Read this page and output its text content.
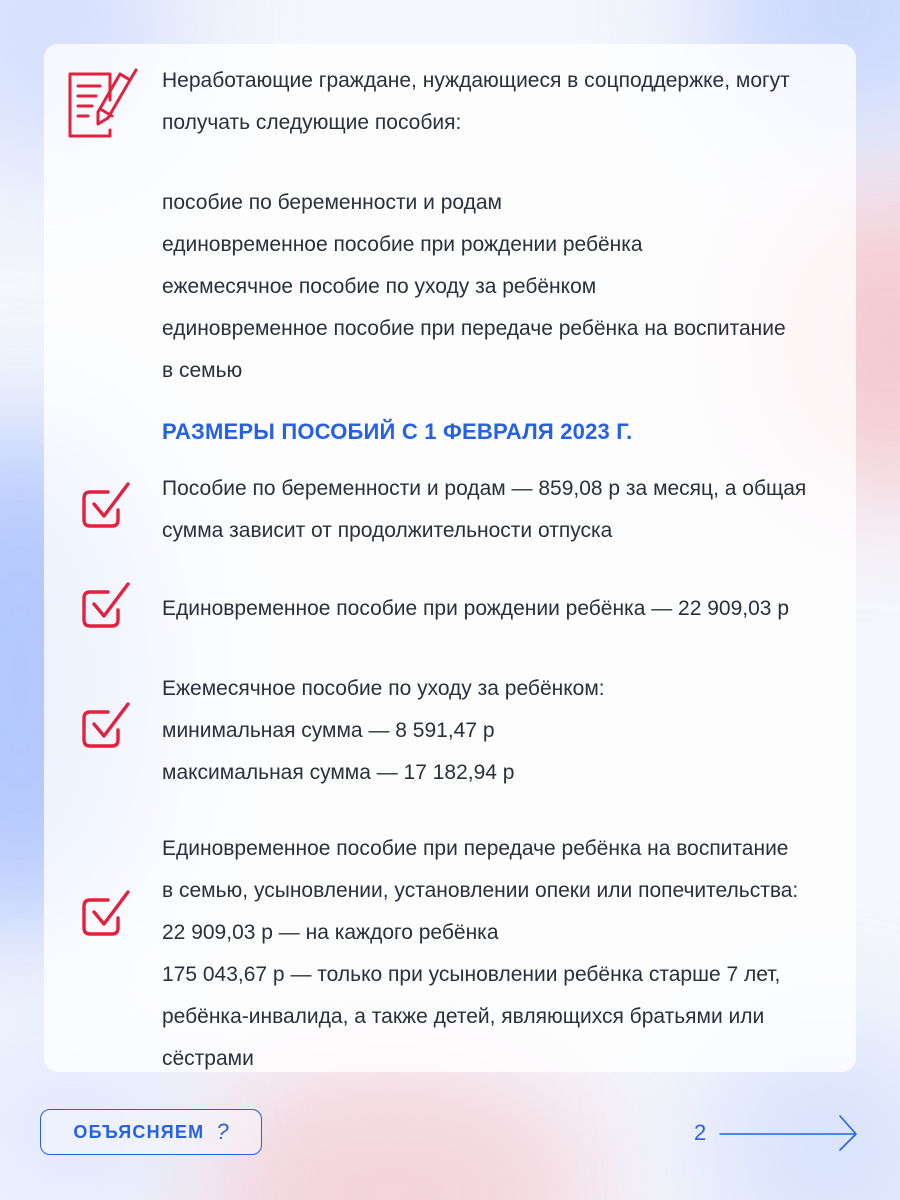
Неработающие граждане, нуждающиеся в соцподдержке, могут получать следующие пособия:
пособие по беременности и родам
единовременное пособие при рождении ребёнка
ежемесячное пособие по уходу за ребёнком
единовременное пособие при передаче ребёнка на воспитание
в семью
РАЗМЕРЫ ПОСОБИЙ С 1 ФЕВРАЛЯ 2023 Г.
Пособие по беременности и родам — 859,08 р за месяц, а общая
сумма зависит от продолжительности отпуска
Единовременное пособие при рождении ребёнка — 22 909,03 р
Ежемесячное пособие по уходу за ребёнком:
минимальная сумма — 8 591,47 р
максимальная сумма — 17 182,94 р
Единовременное пособие при передаче ребёнка на воспитание
в семью, усыновлении, установлении опеки или попечительства:
22 909,03 р — на каждого ребёнка
175 043,67 р — только при усыновлении ребёнка старше 7 лет,
ребёнка-инвалида, а также детей, являющихся братьями или
сёстрами
ОБЪЯСНЯЕМ ?	2
